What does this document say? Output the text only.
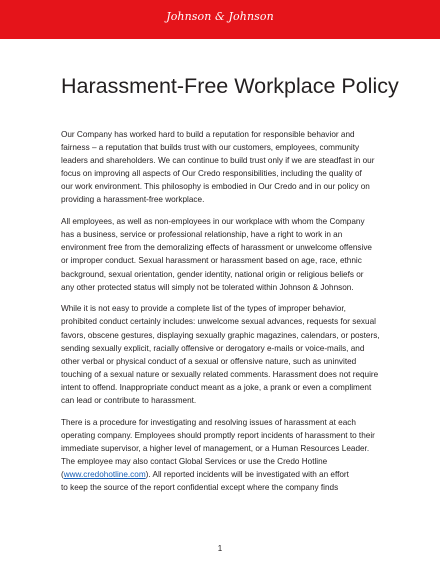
Johnson & Johnson
Harassment-Free Workplace Policy

Our Company has worked hard to build a reputation for responsible behavior and
fairness – a reputation that builds trust with our customers, employees, community
leaders and shareholders. We can continue to build trust only if we are steadfast in our
focus on improving all aspects of Our Credo responsibilities, including the quality of
our work environment. This philosophy is embodied in Our Credo and in our policy on
providing a harassment-free workplace.

All employees, as well as non-employees in our workplace with whom the Company
has a business, service or professional relationship, have a right to work in an
environment free from the demoralizing effects of harassment or unwelcome offensive
or improper conduct. Sexual harassment or harassment based on age, race, ethnic
background, sexual orientation, gender identity, national origin or religious beliefs or
any other protected status will simply not be tolerated within Johnson & Johnson.

While it is not easy to provide a complete list of the types of improper behavior,
prohibited conduct certainly includes: unwelcome sexual advances, requests for sexual
favors, obscene gestures, displaying sexually graphic magazines, calendars, or posters,
sending sexually explicit, racially offensive or derogatory e-mails or voice-mails, and
other verbal or physical conduct of a sexual or offensive nature, such as uninvited
touching of a sexual nature or sexually related comments. Harassment does not require
intent to offend. Inappropriate conduct meant as a joke, a prank or even a compliment
can lead or contribute to harassment.

There is a procedure for investigating and resolving issues of harassment at each
operating company. Employees should promptly report incidents of harassment to their
immediate supervisor, a higher level of management, or a Human Resources Leader.
The employee may also contact Global Services or use the Credo Hotline
(www.credohotline.com). All reported incidents will be investigated with an effort
to keep the source of the report confidential except where the company finds

1
